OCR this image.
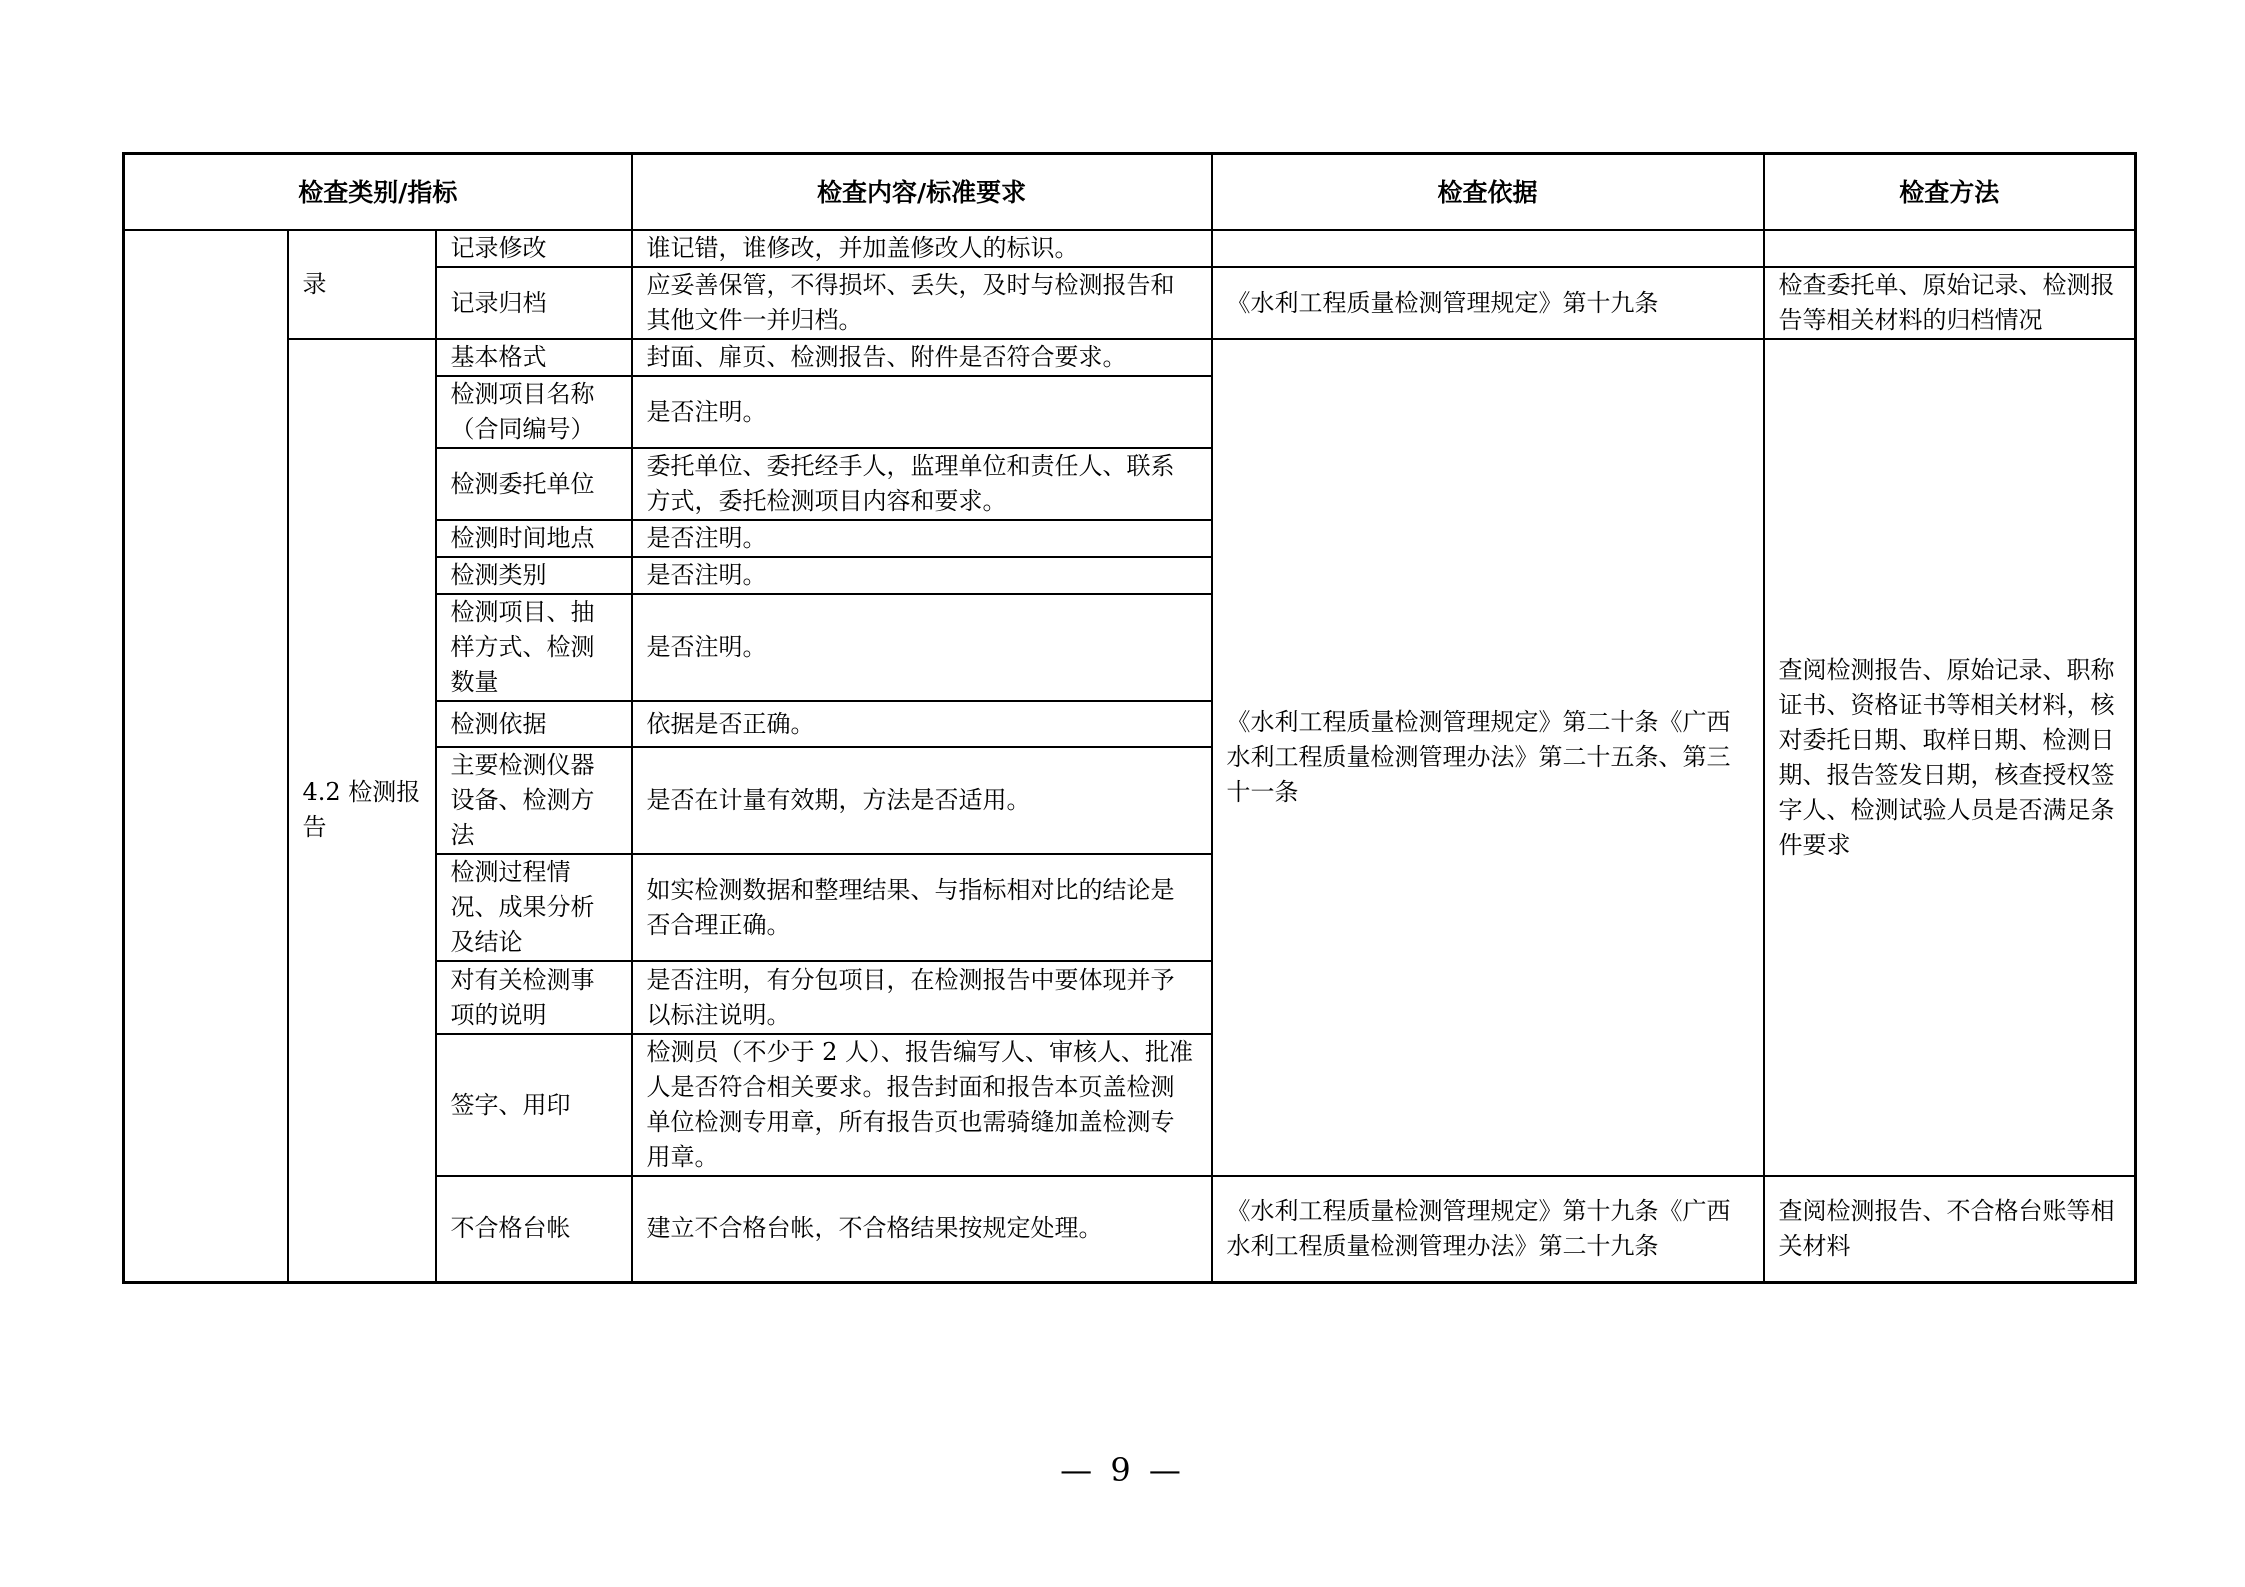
检查类别/指标			检查内容/标准要求	检查依据	检查方法
	录	记录修改	谁记错，谁修改，并加盖修改人的标识。		
		记录归档	应妥善保管，不得损坏、丢失，及时与检测报告和其他文件一并归档。	《水利工程质量检测管理规定》第十九条	检查委托单、原始记录、检测报告等相关材料的归档情况
	4.2 检测报告	基本格式	封面、扉页、检测报告、附件是否符合要求。	《水利工程质量检测管理规定》第二十条《广西水利工程质量检测管理办法》第二十五条、第三十一条	查阅检测报告、原始记录、职称证书、资格证书等相关材料，核对委托日期、取样日期、检测日期、报告签发日期，核查授权签字人、检测试验人员是否满足条件要求
		检测项目名称（合同编号）	是否注明。		
		检测委托单位	委托单位、委托经手人，监理单位和责任人、联系方式，委托检测项目内容和要求。		
		检测时间地点	是否注明。		
		检测类别	是否注明。		
		检测项目、抽样方式、检测数量	是否注明。		
		检测依据	依据是否正确。		
		主要检测仪器设备、检测方法	是否在计量有效期，方法是否适用。		
		检测过程情况、成果分析及结论	如实检测数据和整理结果、与指标相对比的结论是否合理正确。		
		对有关检测事项的说明	是否注明，有分包项目，在检测报告中要体现并予以标注说明。		
		签字、用印	检测员（不少于 2 人）、报告编写人、审核人、批准人是否符合相关要求。报告封面和报告本页盖检测单位检测专用章，所有报告页也需骑缝加盖检测专用章。		
		不合格台帐	建立不合格台帐，不合格结果按规定处理。	《水利工程质量检测管理规定》第十九条《广西水利工程质量检测管理办法》第二十九条	查阅检测报告、不合格台账等相关材料
— 9 —
